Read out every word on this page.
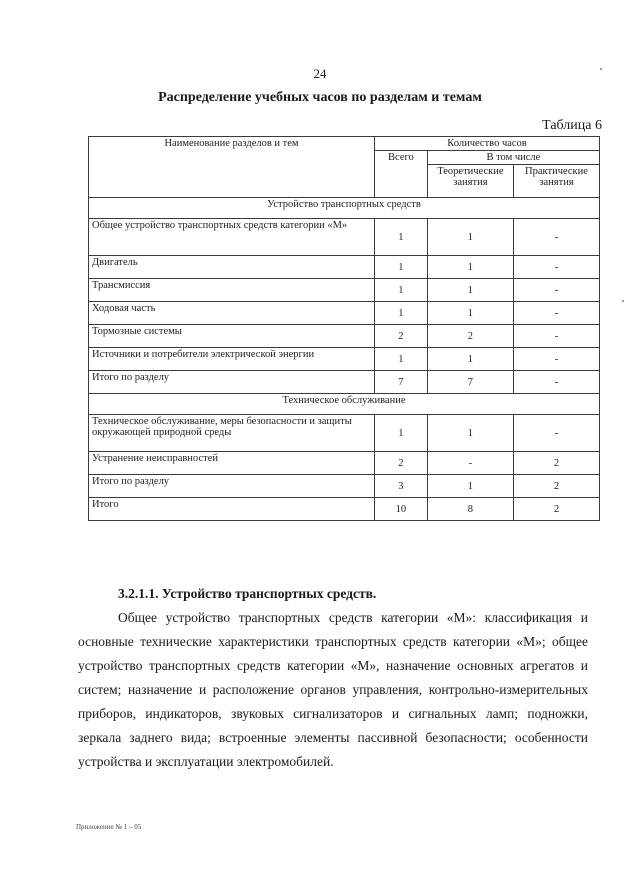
24
Распределение учебных часов по разделам и темам
Таблица 6
Наименование разделов и тем	Количество часов		
	Всего	В том числе	
		Теоретические занятия	Практические занятия
Устройство транспортных средств			
Общее устройство транспортных средств категории «М»	1	1	-
Двигатель	1	1	-
Трансмиссия	1	1	-
Ходовая часть	1	1	-
Тормозные системы	2	2	-
Источники и потребители электрической энергии	1	1	-
Итого по разделу	7	7	-
Техническое обслуживание			
Техническое обслуживание, меры безопасности и защиты окружающей природной среды	1	1	-
Устранение неисправностей	2	-	2
Итого по разделу	3	1	2
Итого	10	8	2
3.2.1.1. Устройство транспортных средств.

Общее устройство транспортных средств категории «М»: классификация и основные технические характеристики транспортных средств категории «М»; общее устройство транспортных средств категории «М», назначение основных агрегатов и систем; назначение и расположение органов управления, контрольно-измерительных приборов, индикаторов, звуковых сигнализаторов и сигнальных ламп; подножки, зеркала заднего вида; встроенные элементы пассивной безопасности; особенности устройства и эксплуатации электромобилей.

Приложение № 1 – 05
